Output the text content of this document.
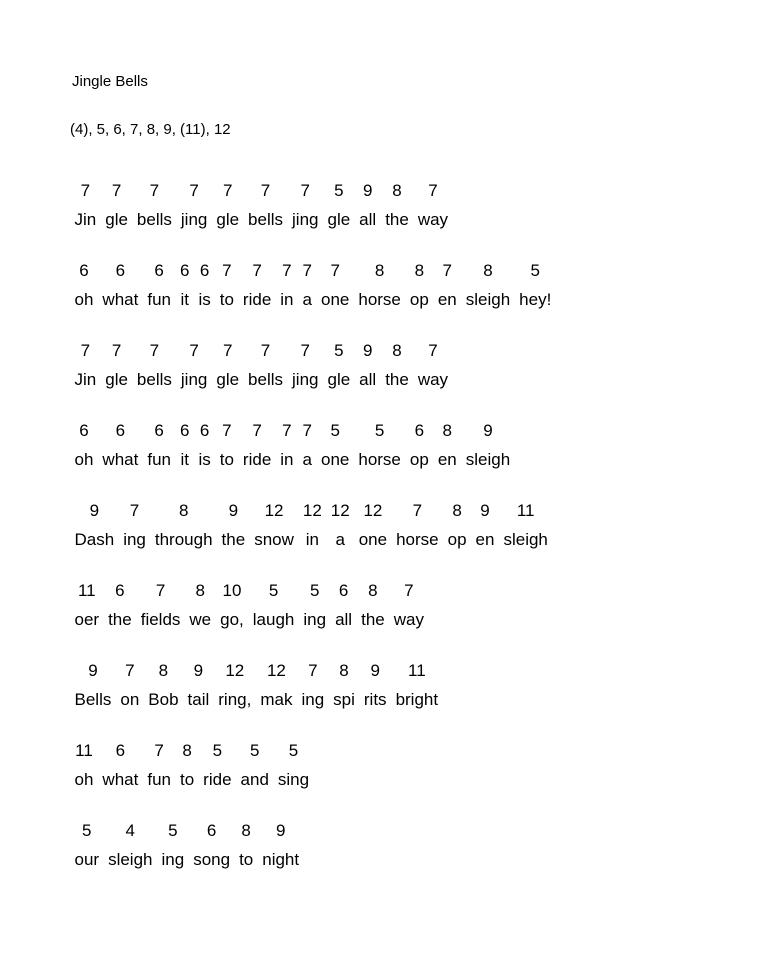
Jingle Bells
(4), 5, 6, 7, 8, 9, (11), 12
7	7	7	7	7	7	7	5	9	8	7
Jin gle bells jing gle bells jing gle all the way
6	6	6 6 6 7	7	7 7	7	8	8	7	8	5
oh what fun it is to ride in a one horse op en sleigh hey!
7	7	7	7	7	7	7	5	9	8	7
Jin gle bells jing gle bells jing gle all the way
6	6	6 6 6 7	7	7 7	5	5	6	8	9
oh what fun it is to ride in a one horse op en sleigh
9	7	8	9	12	12 12 12	7	8	9	11
Dash ing through the snow in a one horse op en sleigh
11	6	7	8	10	5	5	6	8	7
oer the fields we go, laugh ing all the way
9	7	8	9	12	12	7	8	9	11
Bells on Bob tail ring, mak ing spi rits bright
11	6	7	8	5	5	5
oh what fun to ride and sing
5	4	5	6	8	9
our sleigh ing song to night
